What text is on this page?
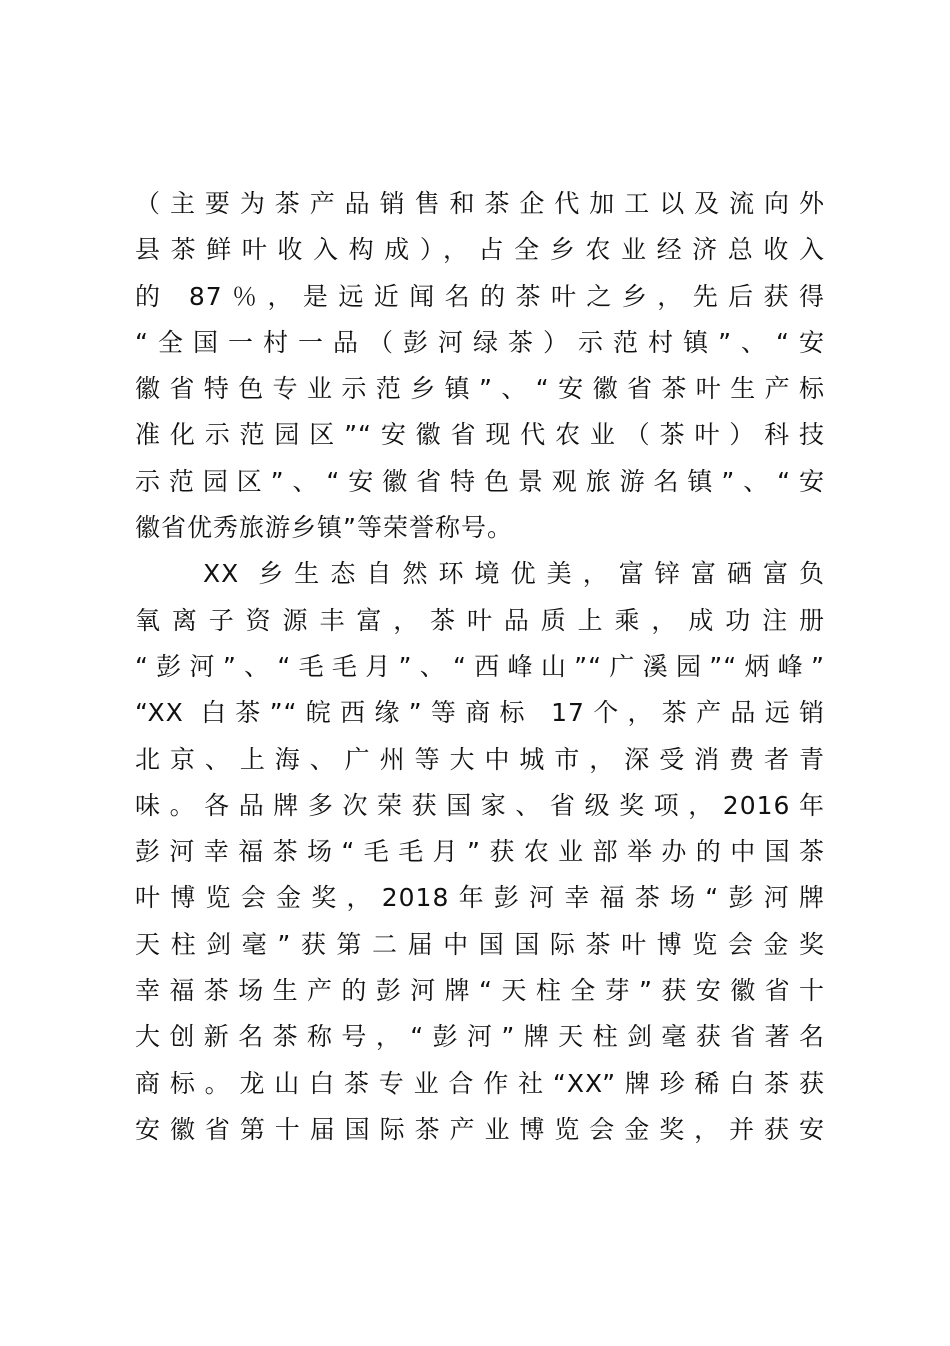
（主要为茶产品销售和茶企代加工以及流向外
县茶鲜叶收入构成），占全乡农业经济总收入
的 87％，是远近闻名的茶叶之乡，先后获得
“全国一村一品（彭河绿茶）示范村镇”、“安
徽省特色专业示范乡镇”、“安徽省茶叶生产标
准化示范园区”“安徽省现代农业（茶叶）科技
示范园区”、“安徽省特色景观旅游名镇”、“安
徽省优秀旅游乡镇”等荣誉称号。
XX 乡生态自然环境优美，富锌富硒富负
氧离子资源丰富，茶叶品质上乘，成功注册
“彭河”、“毛毛月”、“西峰山”“广溪园”“炳峰”
“XX 白茶”“皖西缘”等商标 17个，茶产品远销
北京、上海、广州等大中城市，深受消费者青
味。各品牌多次荣获国家、省级奖项，2016年
彭河幸福茶场“毛毛月”获农业部举办的中国茶
叶博览会金奖，2018年彭河幸福茶场“彭河牌
天柱剑毫”获第二届中国国际茶叶博览会金奖
幸福茶场生产的彭河牌“天柱全芽”获安徽省十
大创新名茶称号，“彭河”牌天柱剑毫获省著名
商标。龙山白茶专业合作社“XX”牌珍稀白茶获
安徽省第十届国际茶产业博览会金奖，并获安
